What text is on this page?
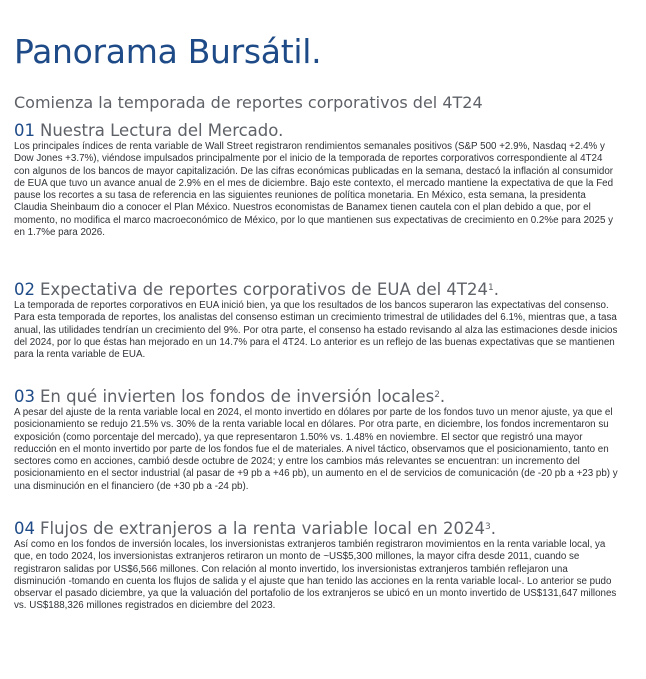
Panorama Bursátil.
Comienza la temporada de reportes corporativos del 4T24
01 Nuestra Lectura del Mercado.

Los principales índices de renta variable de Wall Street registraron rendimientos semanales positivos (S&P 500 +2.9%, Nasdaq +2.4% y Dow Jones +3.7%), viéndose impulsados principalmente por el inicio de la temporada de reportes corporativos correspondiente al 4T24 con algunos de los bancos de mayor capitalización. De las cifras económicas publicadas en la semana, destacó la inflación al consumidor de EUA que tuvo un avance anual de 2.9% en el mes de diciembre. Bajo este contexto, el mercado mantiene la expectativa de que la Fed pause los recortes a su tasa de referencia en las siguientes reuniones de política monetaria. En México, esta semana, la presidenta Claudia Sheinbaum dio a conocer el Plan México. Nuestros economistas de Banamex tienen cautela con el plan debido a que, por el momento, no modifica el marco macroeconómico de México, por lo que mantienen sus expectativas de crecimiento en 0.2%e para 2025 y en 1.7%e para 2026.

02 Expectativa de reportes corporativos de EUA del $4T24^1$.

La temporada de reportes corporativos en EUA inició bien, ya que los resultados de los bancos superaron las expectativas del consenso. Para esta temporada de reportes, los analistas del consenso estiman un crecimiento trimestral de utilidades del 6.1%, mientras que, a tasa anual, las utilidades tendrían un crecimiento del 9%. Por otra parte, el consenso ha estado revisando al alza las estimaciones desde inicios del 2024, por lo que éstas han mejorado en un 14.7% para el 4T24. Lo anterior es un reflejo de las buenas expectativas que se mantienen para la renta variable de EUA.

03 En qué invierten los fondos de inversión locales$^2$.

A pesar del ajuste de la renta variable local en 2024, el monto invertido en dólares por parte de los fondos tuvo un menor ajuste, ya que el posicionamiento se redujo 21.5% vs. 30% de la renta variable local en dólares. Por otra parte, en diciembre, los fondos incrementaron su exposición (como porcentaje del mercado), ya que representaron 1.50% vs. 1.48% en noviembre. El sector que registró una mayor reducción en el monto invertido por parte de los fondos fue el de materiales. A nivel táctico, observamos que el posicionamiento, tanto en sectores como en acciones, cambió desde octubre de 2024; y entre los cambios más relevantes se encuentran: un incremento del posicionamiento en el sector industrial (al pasar de +9 pb a +46 pb), un aumento en el de servicios de comunicación (de -20 pb a +23 pb) y una disminución en el financiero (de +30 pb a -24 pb).

04 Flujos de extranjeros a la renta variable local en 2024$^3$.

Así como en los fondos de inversión locales, los inversionistas extranjeros también registraron movimientos en la renta variable local, ya que, en todo 2024, los inversionistas extranjeros retiraron un monto de ~US$5,300 millones, la mayor cifra desde 2011, cuando se registraron salidas por US$6,566 millones. Con relación al monto invertido, los inversionistas extranjeros también reflejaron una disminución -tomando en cuenta los flujos de salida y el ajuste que han tenido las acciones en la renta variable local-. Lo anterior se pudo observar el pasado diciembre, ya que la valuación del portafolio de los extranjeros se ubicó en un monto invertido de US$131,647 millones vs. US$188,326 millones registrados en diciembre del 2023.
